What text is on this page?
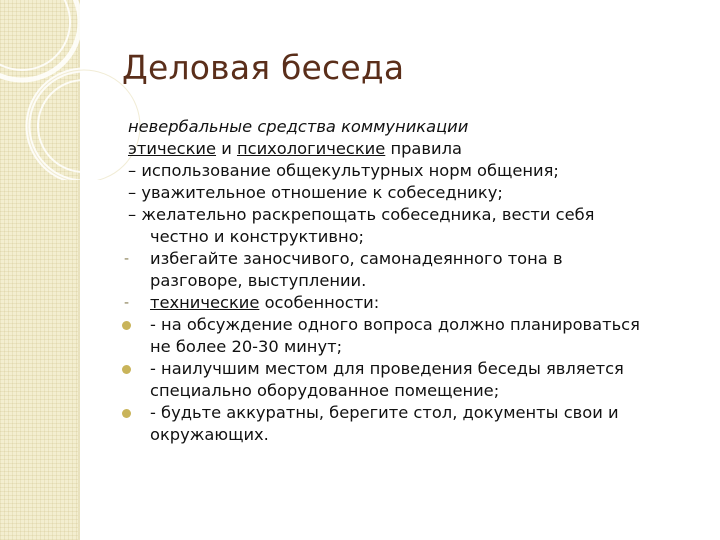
Деловая беседа
невербальные средства коммуникации
этические и психологические правила
– использование общекультурных норм общения;
– уважительное отношение к собеседнику;
– желательно раскрепощать собеседника, вести себя
честно и конструктивно;
- избегайте заносчивого, самонадеянного тона в
разговоре, выступлении.
- технические особенности:
- на обсуждение одного вопроса должно планироваться
не более 20-30 минут;
- наилучшим местом для проведения беседы является
специально оборудованное помещение;
- будьте аккуратны, берегите стол, документы свои и
окружающих.
